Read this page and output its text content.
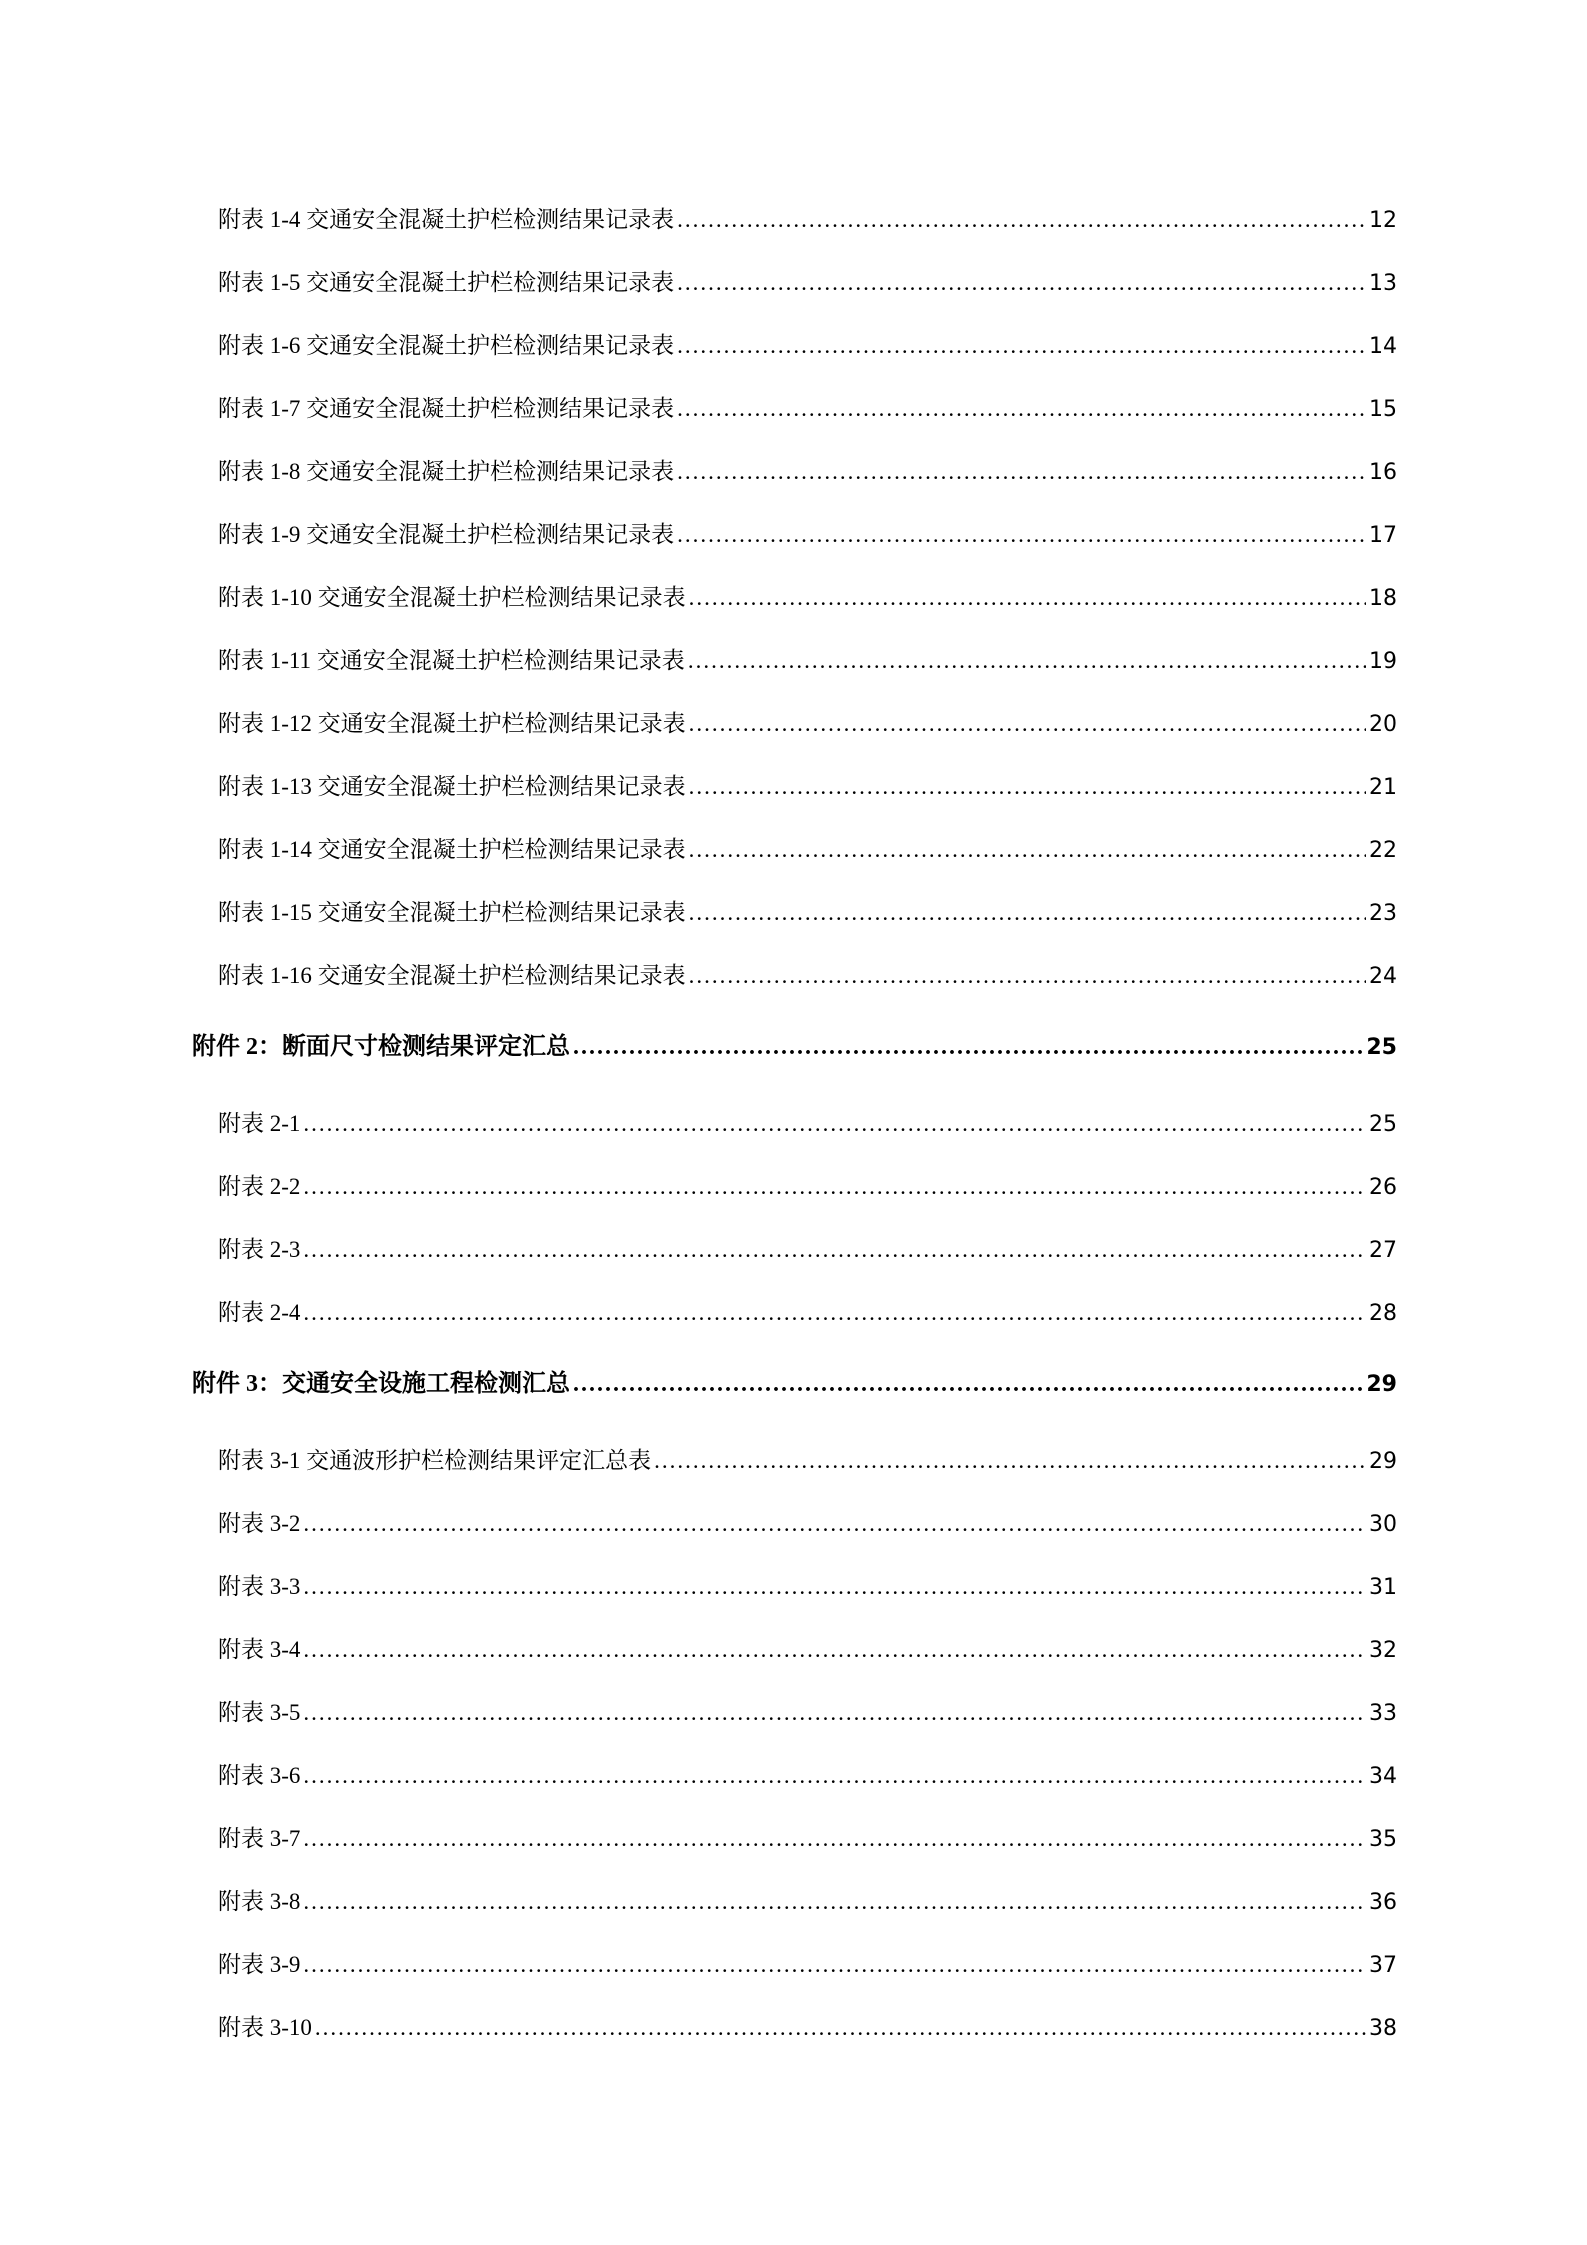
附表 1-4 交通安全混凝土护栏检测结果记录表 .....	12
附表 1-5 交通安全混凝土护栏检测结果记录表 .....	13
附表 1-6 交通安全混凝土护栏检测结果记录表 .....	14
附表 1-7 交通安全混凝土护栏检测结果记录表 .....	15
附表 1-8 交通安全混凝土护栏检测结果记录表 .....	16
附表 1-9 交通安全混凝土护栏检测结果记录表 .....	17
附表 1-10 交通安全混凝土护栏检测结果记录表 .....	18
附表 1-11 交通安全混凝土护栏检测结果记录表 .....	19
附表 1-12 交通安全混凝土护栏检测结果记录表 .....	20
附表 1-13 交通安全混凝土护栏检测结果记录表 .....	21
附表 1-14 交通安全混凝土护栏检测结果记录表 .....	22
附表 1-15 交通安全混凝土护栏检测结果记录表 .....	23
附表 1-16 交通安全混凝土护栏检测结果记录表 .....	24
附件 2：断面尺寸检测结果评定汇总 .....	25
附表 2-1 .....	25
附表 2-2 .....	26
附表 2-3 .....	27
附表 2-4 .....	28
附件 3：交通安全设施工程检测汇总 .....	29
附表 3-1 交通波形护栏检测结果评定汇总表 .....	29
附表 3-2 .....	30
附表 3-3 .....	31
附表 3-4 .....	32
附表 3-5 .....	33
附表 3-6 .....	34
附表 3-7 .....	35
附表 3-8 .....	36
附表 3-9 .....	37
附表 3-10 .....	38
